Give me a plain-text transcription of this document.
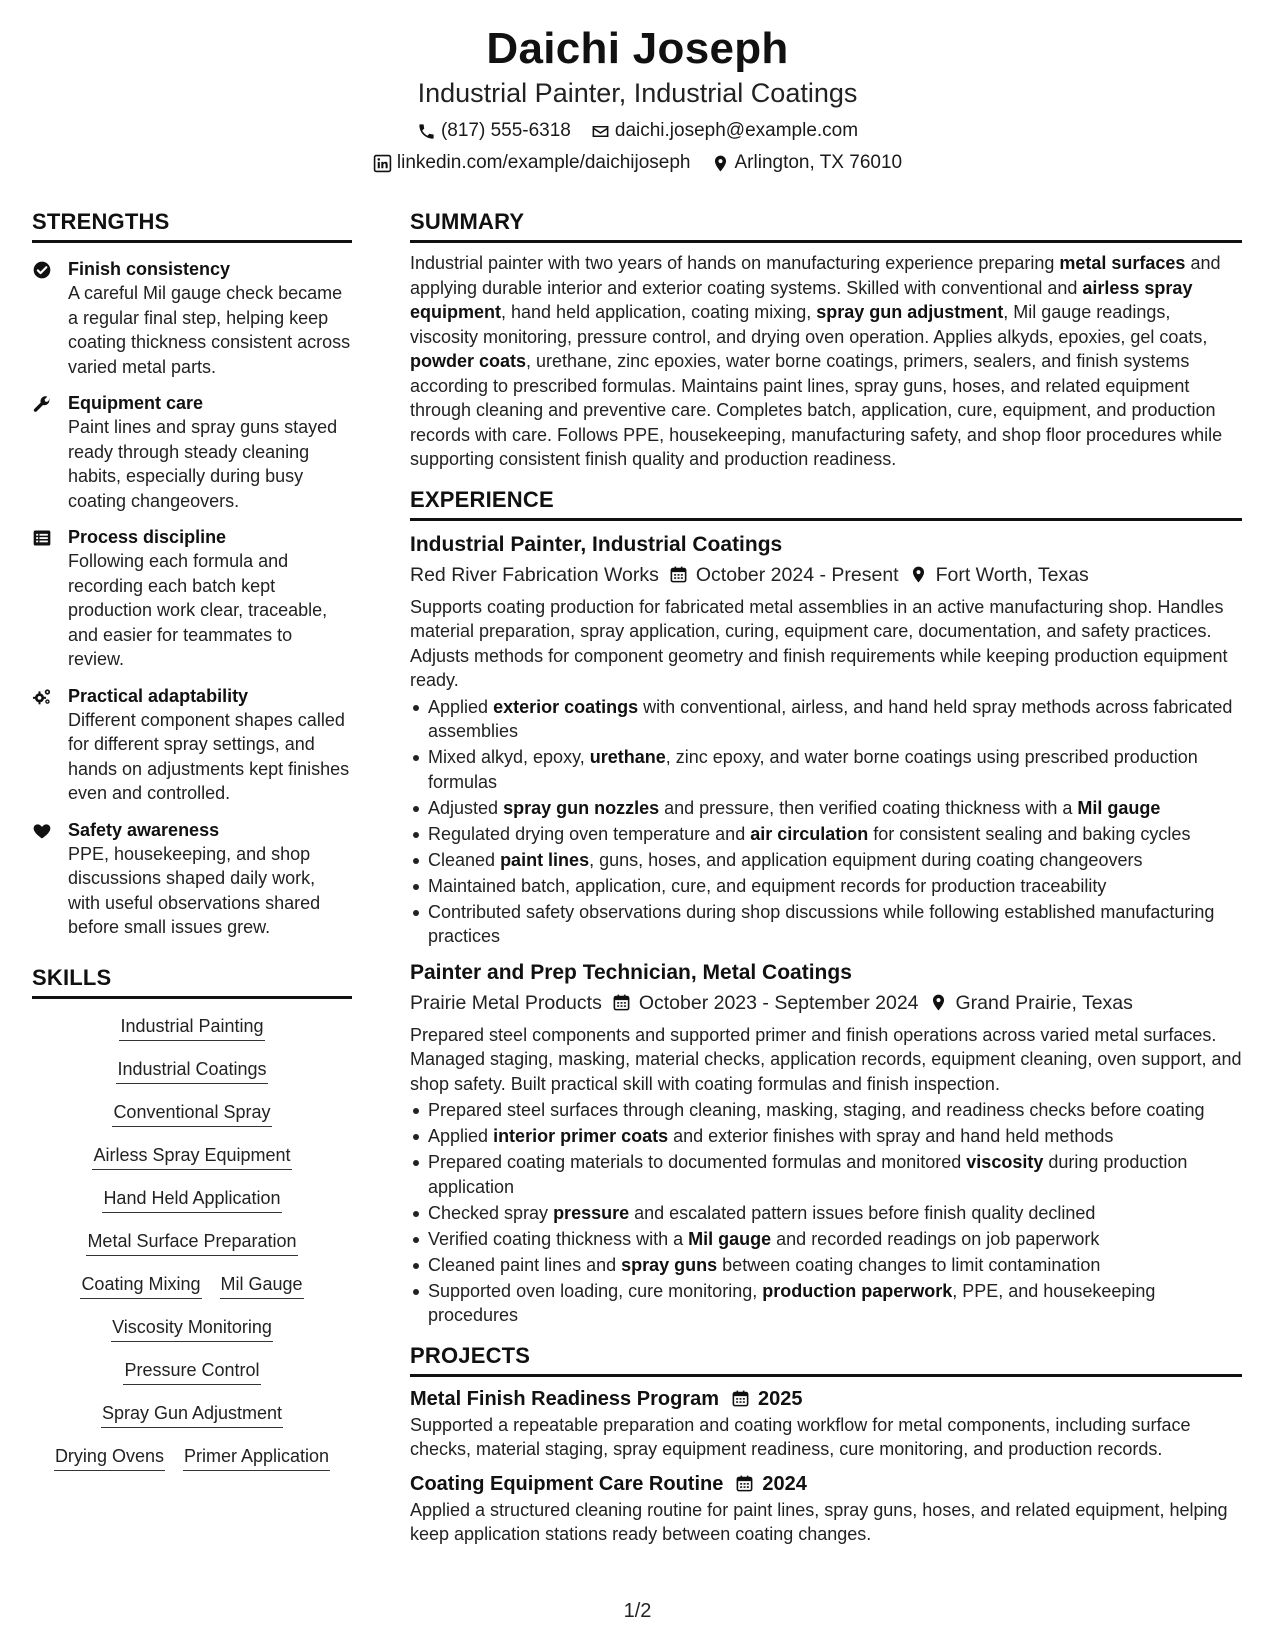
Daichi Joseph
Industrial Painter, Industrial Coatings
(817) 555-6318 daichi.joseph@example.com
linkedin.com/example/daichijoseph Arlington, TX 76010
STRENGTHS
Finish consistency
A careful Mil gauge check became a regular final step, helping keep coating thickness consistent across varied metal parts.
Equipment care
Paint lines and spray guns stayed ready through steady cleaning habits, especially during busy coating changeovers.
Process discipline
Following each formula and recording each batch kept production work clear, traceable, and easier for teammates to review.
Practical adaptability
Different component shapes called for different spray settings, and hands on adjustments kept finishes even and controlled.
Safety awareness
PPE, housekeeping, and shop discussions shaped daily work, with useful observations shared before small issues grew.
SKILLS
Industrial Painting
Industrial Coatings
Conventional Spray
Airless Spray Equipment
Hand Held Application
Metal Surface Preparation
Coating Mixing Mil Gauge
Viscosity Monitoring
Pressure Control
Spray Gun Adjustment
Drying Ovens Primer Application
SUMMARY
Industrial painter with two years of hands on manufacturing experience preparing metal surfaces and applying durable interior and exterior coating systems. Skilled with conventional and airless spray equipment, hand held application, coating mixing, spray gun adjustment, Mil gauge readings, viscosity monitoring, pressure control, and drying oven operation. Applies alkyds, epoxies, gel coats, powder coats, urethane, zinc epoxies, water borne coatings, primers, sealers, and finish systems according to prescribed formulas. Maintains paint lines, spray guns, hoses, and related equipment through cleaning and preventive care. Completes batch, application, cure, equipment, and production records with care. Follows PPE, housekeeping, manufacturing safety, and shop floor procedures while supporting consistent finish quality and production readiness.
EXPERIENCE
Industrial Painter, Industrial Coatings
Red River Fabrication Works October 2024 - Present Fort Worth, Texas
Supports coating production for fabricated metal assemblies in an active manufacturing shop. Handles material preparation, spray application, curing, equipment care, documentation, and safety practices. Adjusts methods for component geometry and finish requirements while keeping production equipment ready.
Applied exterior coatings with conventional, airless, and hand held spray methods across fabricated assemblies
Mixed alkyd, epoxy, urethane, zinc epoxy, and water borne coatings using prescribed production formulas
Adjusted spray gun nozzles and pressure, then verified coating thickness with a Mil gauge
Regulated drying oven temperature and air circulation for consistent sealing and baking cycles
Cleaned paint lines, guns, hoses, and application equipment during coating changeovers
Maintained batch, application, cure, and equipment records for production traceability
Contributed safety observations during shop discussions while following established manufacturing practices
Painter and Prep Technician, Metal Coatings
Prairie Metal Products October 2023 - September 2024 Grand Prairie, Texas
Prepared steel components and supported primer and finish operations across varied metal surfaces. Managed staging, masking, material checks, application records, equipment cleaning, oven support, and shop safety. Built practical skill with coating formulas and finish inspection.
Prepared steel surfaces through cleaning, masking, staging, and readiness checks before coating
Applied interior primer coats and exterior finishes with spray and hand held methods
Prepared coating materials to documented formulas and monitored viscosity during production application
Checked spray pressure and escalated pattern issues before finish quality declined
Verified coating thickness with a Mil gauge and recorded readings on job paperwork
Cleaned paint lines and spray guns between coating changes to limit contamination
Supported oven loading, cure monitoring, production paperwork, PPE, and housekeeping procedures
PROJECTS
Metal Finish Readiness Program 2025
Supported a repeatable preparation and coating workflow for metal components, including surface checks, material staging, spray equipment readiness, cure monitoring, and production records.
Coating Equipment Care Routine 2024
Applied a structured cleaning routine for paint lines, spray guns, hoses, and related equipment, helping keep application stations ready between coating changes.
1/2
